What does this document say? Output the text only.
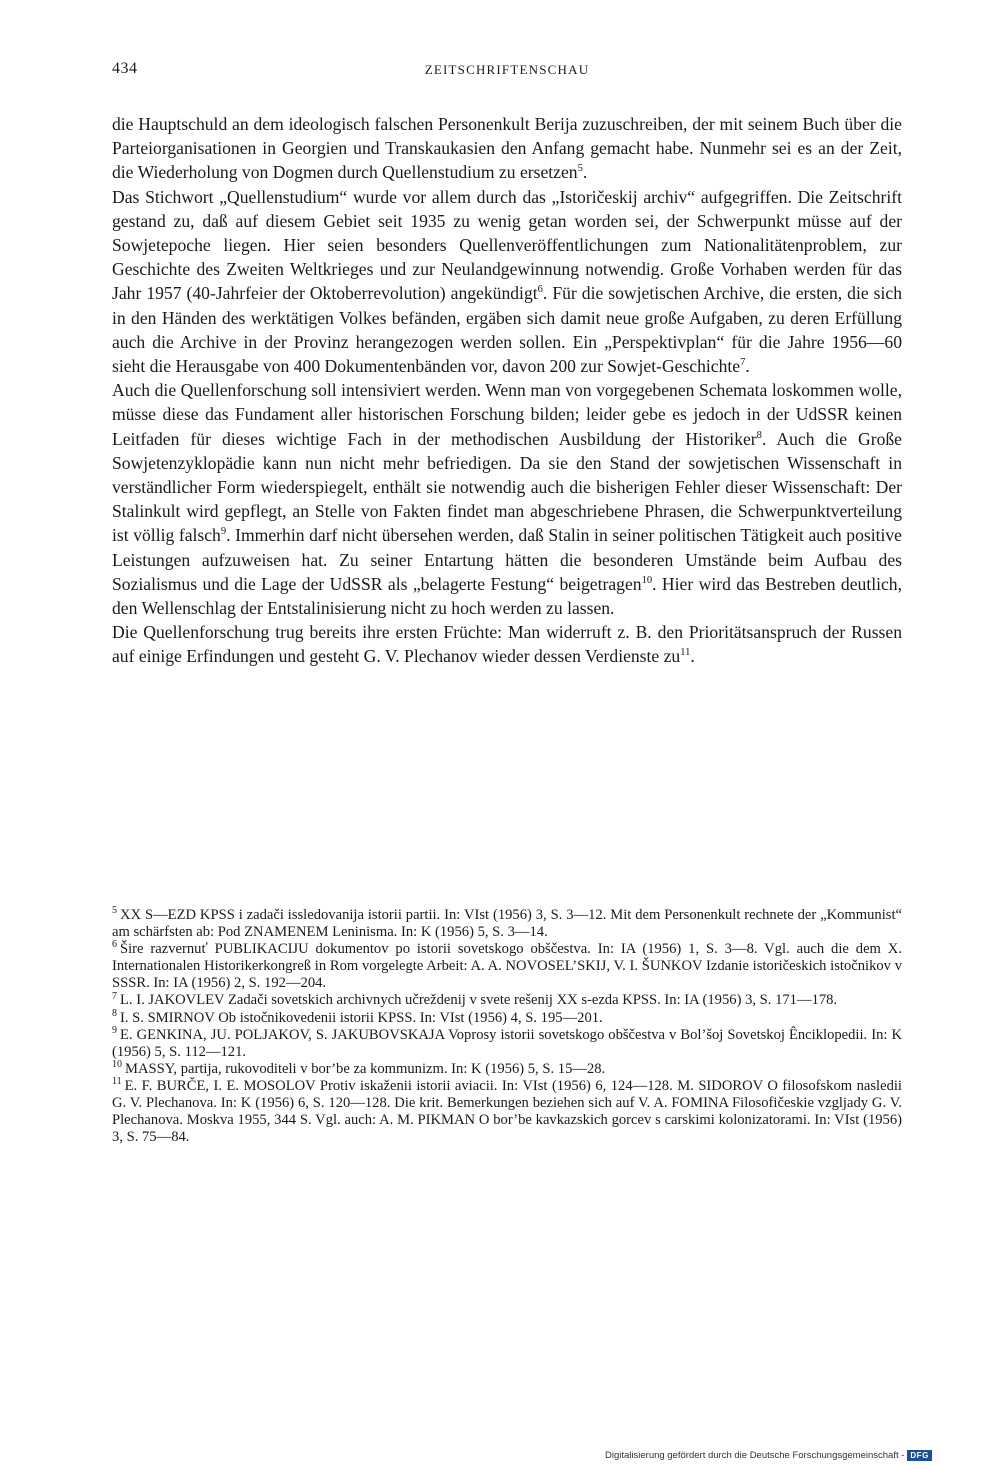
434	ZEITSCHRIFTENSCHAU

die Hauptschuld an dem ideologisch falschen Personenkult Berija zuzuschreiben, der mit seinem Buch über die Parteiorganisationen in Georgien und Transkaukasien den Anfang gemacht habe. Nunmehr sei es an der Zeit, die Wiederholung von Dogmen durch Quellenstudium zu ersetzen$^5$.

Das Stichwort „Quellenstudium“ wurde vor allem durch das „Istoričeskij archiv“ aufgegriffen. Die Zeitschrift gestand zu, daß auf diesem Gebiet seit 1935 zu wenig getan worden sei, der Schwerpunkt müsse auf der Sowjetepoche liegen. Hier seien besonders Quellenveröffentlichungen zum Nationalitätenproblem, zur Geschichte des Zweiten Weltkrieges und zur Neulandgewinnung notwendig. Große Vorhaben werden für das Jahr 1957 (40-Jahrfeier der Oktoberrevolution) angekündigt$^6$. Für die sowjetischen Archive, die ersten, die sich in den Händen des werktätigen Volkes befänden, ergäben sich damit neue große Aufgaben, zu deren Erfüllung auch die Archive in der Provinz herangezogen werden sollen. Ein „Perspektivplan“ für die Jahre 1956—60 sieht die Herausgabe von 400 Dokumentenbänden vor, davon 200 zur Sowjet-Geschichte$^7$.

Auch die Quellenforschung soll intensiviert werden. Wenn man von vorgegebenen Schemata loskommen wolle, müsse diese das Fundament aller historischen Forschung bilden; leider gebe es jedoch in der UdSSR keinen Leitfaden für dieses wichtige Fach in der methodischen Ausbildung der Historiker$^8$. Auch die Große Sowjetenzyklopädie kann nun nicht mehr befriedigen. Da sie den Stand der sowjetischen Wissenschaft in verständlicher Form wiederspiegelt, enthält sie notwendig auch die bisherigen Fehler dieser Wissenschaft: Der Stalinkult wird gepflegt, an Stelle von Fakten findet man abgeschriebene Phrasen, die Schwerpunktverteilung ist völlig falsch$^9$. Immerhin darf nicht übersehen werden, daß Stalin in seiner politischen Tätigkeit auch positive Leistungen aufzuweisen hat. Zu seiner Entartung hätten die besonderen Umstände beim Aufbau des Sozialismus und die Lage der UdSSR als „belagerte Festung“ beigetragen$^{10}$. Hier wird das Bestreben deutlich, den Wellenschlag der Entstalinisierung nicht zu hoch werden zu lassen.

Die Quellenforschung trug bereits ihre ersten Früchte: Man widerruft z. B. den Prioritätsanspruch der Russen auf einige Erfindungen und gesteht G. V. Plechanov wieder dessen Verdienste $zu^{11}$.

$^5$ XX S—EZD KPSS i zadači issledovanija istorii partii. In: VIst (1956) 3, S. 3—12. Mit dem Personenkult rechnete der „Kommunist“ am schärfsten ab: Pod ZNAMENEM Leninisma. In: K (1956) 5, S. 3—14.

$^6$ Šire razvernuť PUBLIKACIJU dokumentov po istorii sovetskogo obščestva. In: IA (1956) 1, S. 3—8. Vgl. auch die dem X. Internationalen Historikerkongreß in Rom vorgelegte Arbeit: A. A. NOVOSEL’SKIJ, V. I. ŠUNKOV Izdanie istoričeskich istočnikov v SSSR. In: IA (1956) 2, S. 192—204.

$^7$ L. I. JAKOVLEV Zadači sovetskich archivnych učreždenij v svete rešenij XX s-ezda KPSS. In: IA (1956) 3, S. 171—178.

$^8$ I. S. SMIRNOV Ob istočnikovedenii istorii KPSS. In: VIst (1956) 4, S. 195—201.

$^9$ E. GENKINA, JU. POLJAKOV, S. JAKUBOVSKAJA Voprosy istorii sovetskogo obščestva v Bol’šoj Sovetskoj Ênciklopedii. In: K (1956) 5, S. 112—121.

$^{10}$ MASSY, partija, rukovoditeli v bor’be za kommunizm. In: K (1956) 5, S. 15—28.

$^{11}$ E. F. BURČE, I. E. MOSOLOV Protiv iskaženii istorii aviacii. In: VIst (1956) 6, 124—128. M. SIDOROV O filosofskom nasledii G. V. Plechanova. In: K (1956) 6, S. 120—128. Die krit. Bemerkungen beziehen sich auf V. A. FOMINA Filosofičeskie vzgljady G. V. Plechanova. Moskva 1955, 344 S. Vgl. auch: A. M. PIKMAN O bor’be kavkazskich gorcev s carskimi kolonizatorami. In: VIst (1956) 3, S. 75—84.

Digitalisierung gefördert durch die Deutsche Forschungsgemeinschaft - DFG
